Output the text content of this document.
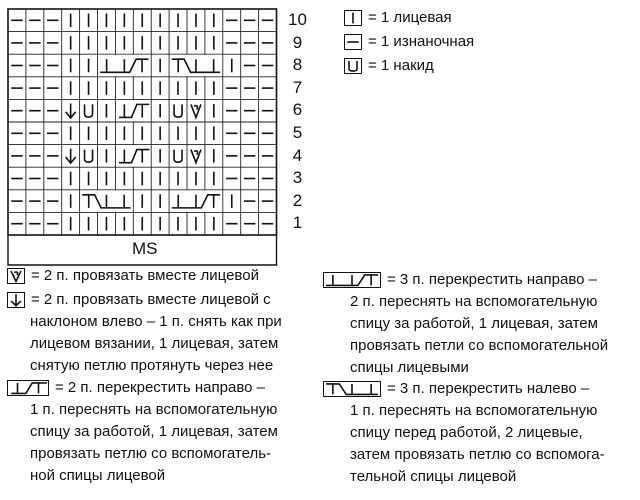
10
9
8
7
6
5
4
3
2
1
MS
= 1 лицевая
= 1 изнаночная
= 1 накид
= 2 п. провязать вместе лицевой
= 2 п. провязать вместе лицевой с
наклоном влево – 1 п. снять как при
лицевом вязании, 1 лицевая, затем
снятую петлю протянуть через нее
= 2 п. перекрестить направо –
1 п. переснять на вспомогательную
спицу за работой, 1 лицевая, затем
провязать петлю со вспомогатель-
ной спицы лицевой
= 3 п. перекрестить направо –
2 п. переснять на вспомогательную
спицу за работой, 1 лицевая, затем
провязать петли со вспомогательной
спицы лицевыми
= 3 п. перекрестить налево –
1 п. переснять на вспомогательную
спицу перед работой, 2 лицевые,
затем провязать петлю со вспомога-
тельной спицы лицевой
